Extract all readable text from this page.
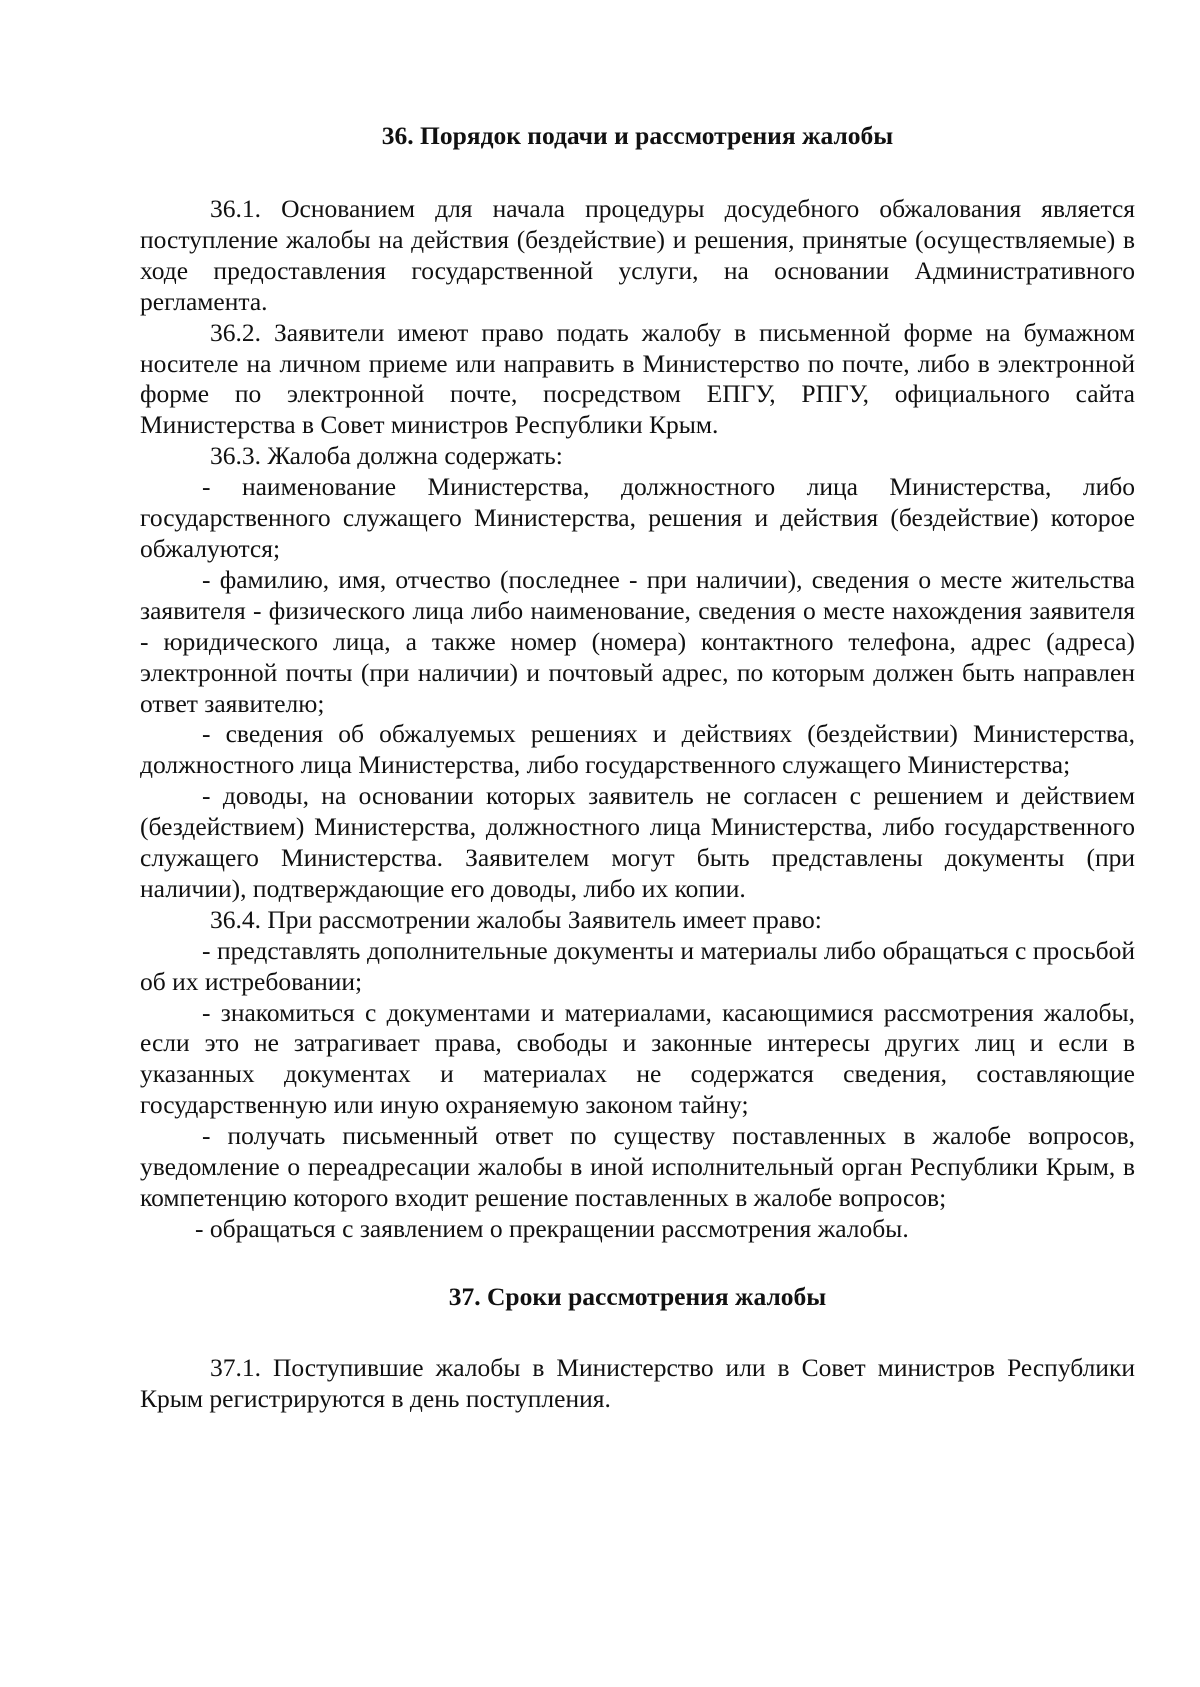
36. Порядок подачи и рассмотрения жалобы

36.1. Основанием для начала процедуры досудебного обжалования является поступление жалобы на действия (бездействие) и решения, принятые (осуществляемые) в ходе предоставления государственной услуги, на основании Административного регламента.

36.2. Заявители имеют право подать жалобу в письменной форме на бумажном носителе на личном приеме или направить в Министерство по почте, либо в электронной форме по электронной почте, посредством ЕПГУ, РПГУ, официального сайта Министерства в Совет министров Республики Крым.

36.3. Жалоба должна содержать:

- наименование Министерства, должностного лица Министерства, либо государственного служащего Министерства, решения и действия (бездействие) которое обжалуются;

- фамилию, имя, отчество (последнее - при наличии), сведения о месте жительства заявителя - физического лица либо наименование, сведения о месте нахождения заявителя - юридического лица, а также номер (номера) контактного телефона, адрес (адреса) электронной почты (при наличии) и почтовый адрес, по которым должен быть направлен ответ заявителю;

- сведения об обжалуемых решениях и действиях (бездействии) Министерства, должностного лица Министерства, либо государственного служащего Министерства;

- доводы, на основании которых заявитель не согласен с решением и действием (бездействием) Министерства, должностного лица Министерства, либо государственного служащего Министерства. Заявителем могут быть представлены документы (при наличии), подтверждающие его доводы, либо их копии.

36.4. При рассмотрении жалобы Заявитель имеет право:

- представлять дополнительные документы и материалы либо обращаться с просьбой об их истребовании;

- знакомиться с документами и материалами, касающимися рассмотрения жалобы, если это не затрагивает права, свободы и законные интересы других лиц и если в указанных документах и материалах не содержатся сведения, составляющие государственную или иную охраняемую законом тайну;

- получать письменный ответ по существу поставленных в жалобе вопросов, уведомление о переадресации жалобы в иной исполнительный орган Республики Крым, в компетенцию которого входит решение поставленных в жалобе вопросов;

- обращаться с заявлением о прекращении рассмотрения жалобы.

37. Сроки рассмотрения жалобы

37.1. Поступившие жалобы в Министерство или в Совет министров Республики Крым регистрируются в день поступления.
